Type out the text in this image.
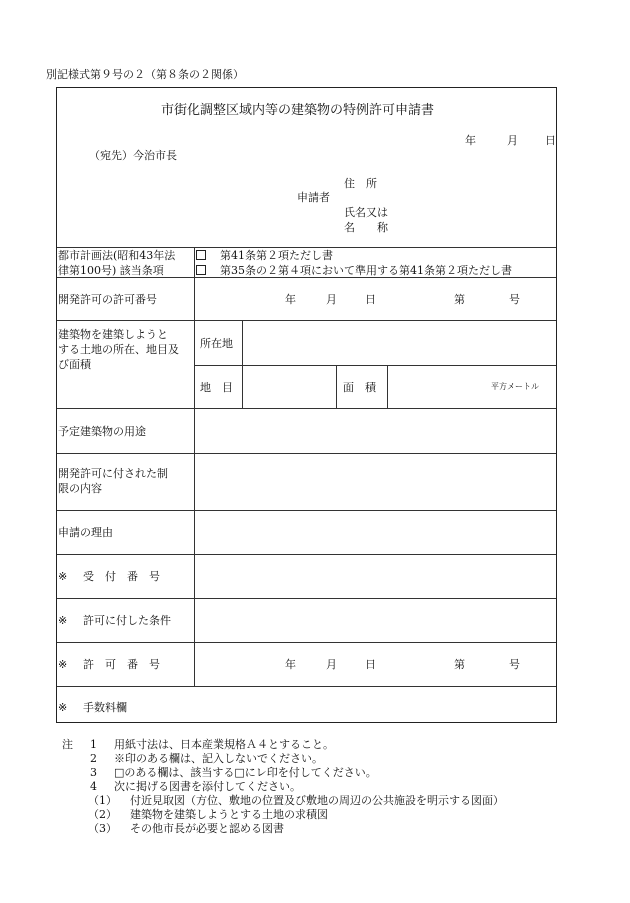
別記様式第９号の２（第８条の２関係）
市街化調整区域内等の建築物の特例許可申請書
年	月 日
（宛先）今治市長
住　所
申請者
氏名又は
名　　称
都市計画法(昭和43年法
律第100号) 該当条項
第41条第２項ただし書
第35条の２第４項において準用する第41条第２項ただし書
開発許可の許可番号	年	月	日	第	号
建築物を建築しようと
する土地の所在、地目及
び面積
所在地
地　目	面　積	平方メートル
予定建築物の用途
開発許可に付された制
限の内容
申請の理由
※ 受　付　番　号
※ 許可に付した条件
※ 許　可　番　号	年	月	日	第	号
※ 手数料欄
注 1 用紙寸法は、日本産業規格Ａ４とすること。
2 ※印のある欄は、記入しないでください。
3 □のある欄は、該当する□にレ印を付してください。
4 次に掲げる図書を添付してください。
（1） 付近見取図（方位、敷地の位置及び敷地の周辺の公共施設を明示する図面）
（2） 建築物を建築しようとする土地の求積図
（3） その他市長が必要と認める図書
